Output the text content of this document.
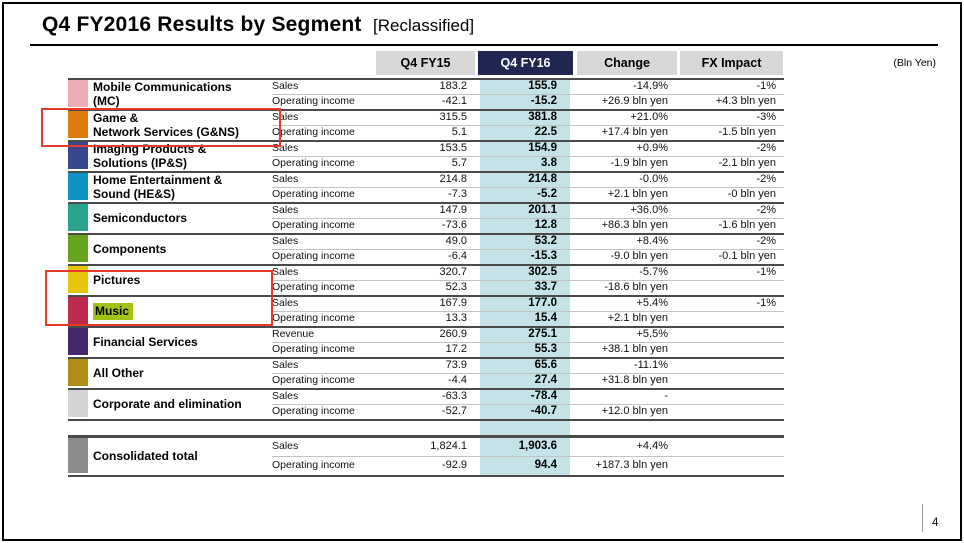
Q4 FY2016 Results by Segment [Reclassified]
Q4 FY15	Q4 FY16	Change	FX Impact	(Bln Yen)
Mobile Communications
(MC)
Sales	183.2	155.9	-14.9%	-1%
Operating income	-42.1	-15.2	+26.9 bln yen	+4.3 bln yen
Game &
Network Services (G&NS)
Sales	315.5	381.8	+21.0%	-3%
Operating income	5.1	22.5	+17.4 bln yen	-1.5 bln yen
Imaging Products &
Solutions (IP&S)
Sales	153.5	154.9	+0.9%	-2%
Operating income	5.7	3.8	-1.9 bln yen	-2.1 bln yen
Home Entertainment &
Sound (HE&S)
Sales	214.8	214.8	-0.0%	-2%
Operating income	-7.3	-5.2	+2.1 bln yen	-0 bln yen
Semiconductors
Sales	147.9	201.1	+36.0%	-2%
Operating income	-73.6	12.8	+86.3 bln yen	-1.6 bln yen
Components
Sales	49.0	53.2	+8.4%	-2%
Operating income	-6.4	-15.3	-9.0 bln yen	-0.1 bln yen
Pictures
Sales	320.7	302.5	-5.7%	-1%
Operating income	52.3	33.7	-18.6 bln yen
Music
Sales	167.9	177.0	+5.4%	-1%
Operating income	13.3	15.4	+2.1 bln yen
Financial Services
Revenue	260.9	275.1	+5.5%
Operating income	17.2	55.3	+38.1 bln yen
All Other
Sales	73.9	65.6	-11.1%
Operating income	-4.4	27.4	+31.8 bln yen
Corporate and elimination
Sales	-63.3	-78.4	-
Operating income	-52.7	-40.7	+12.0 bln yen
Consolidated total
Sales	1,824.1	1,903.6	+4.4%
Operating income	-92.9	94.4	+187.3 bln yen
4
